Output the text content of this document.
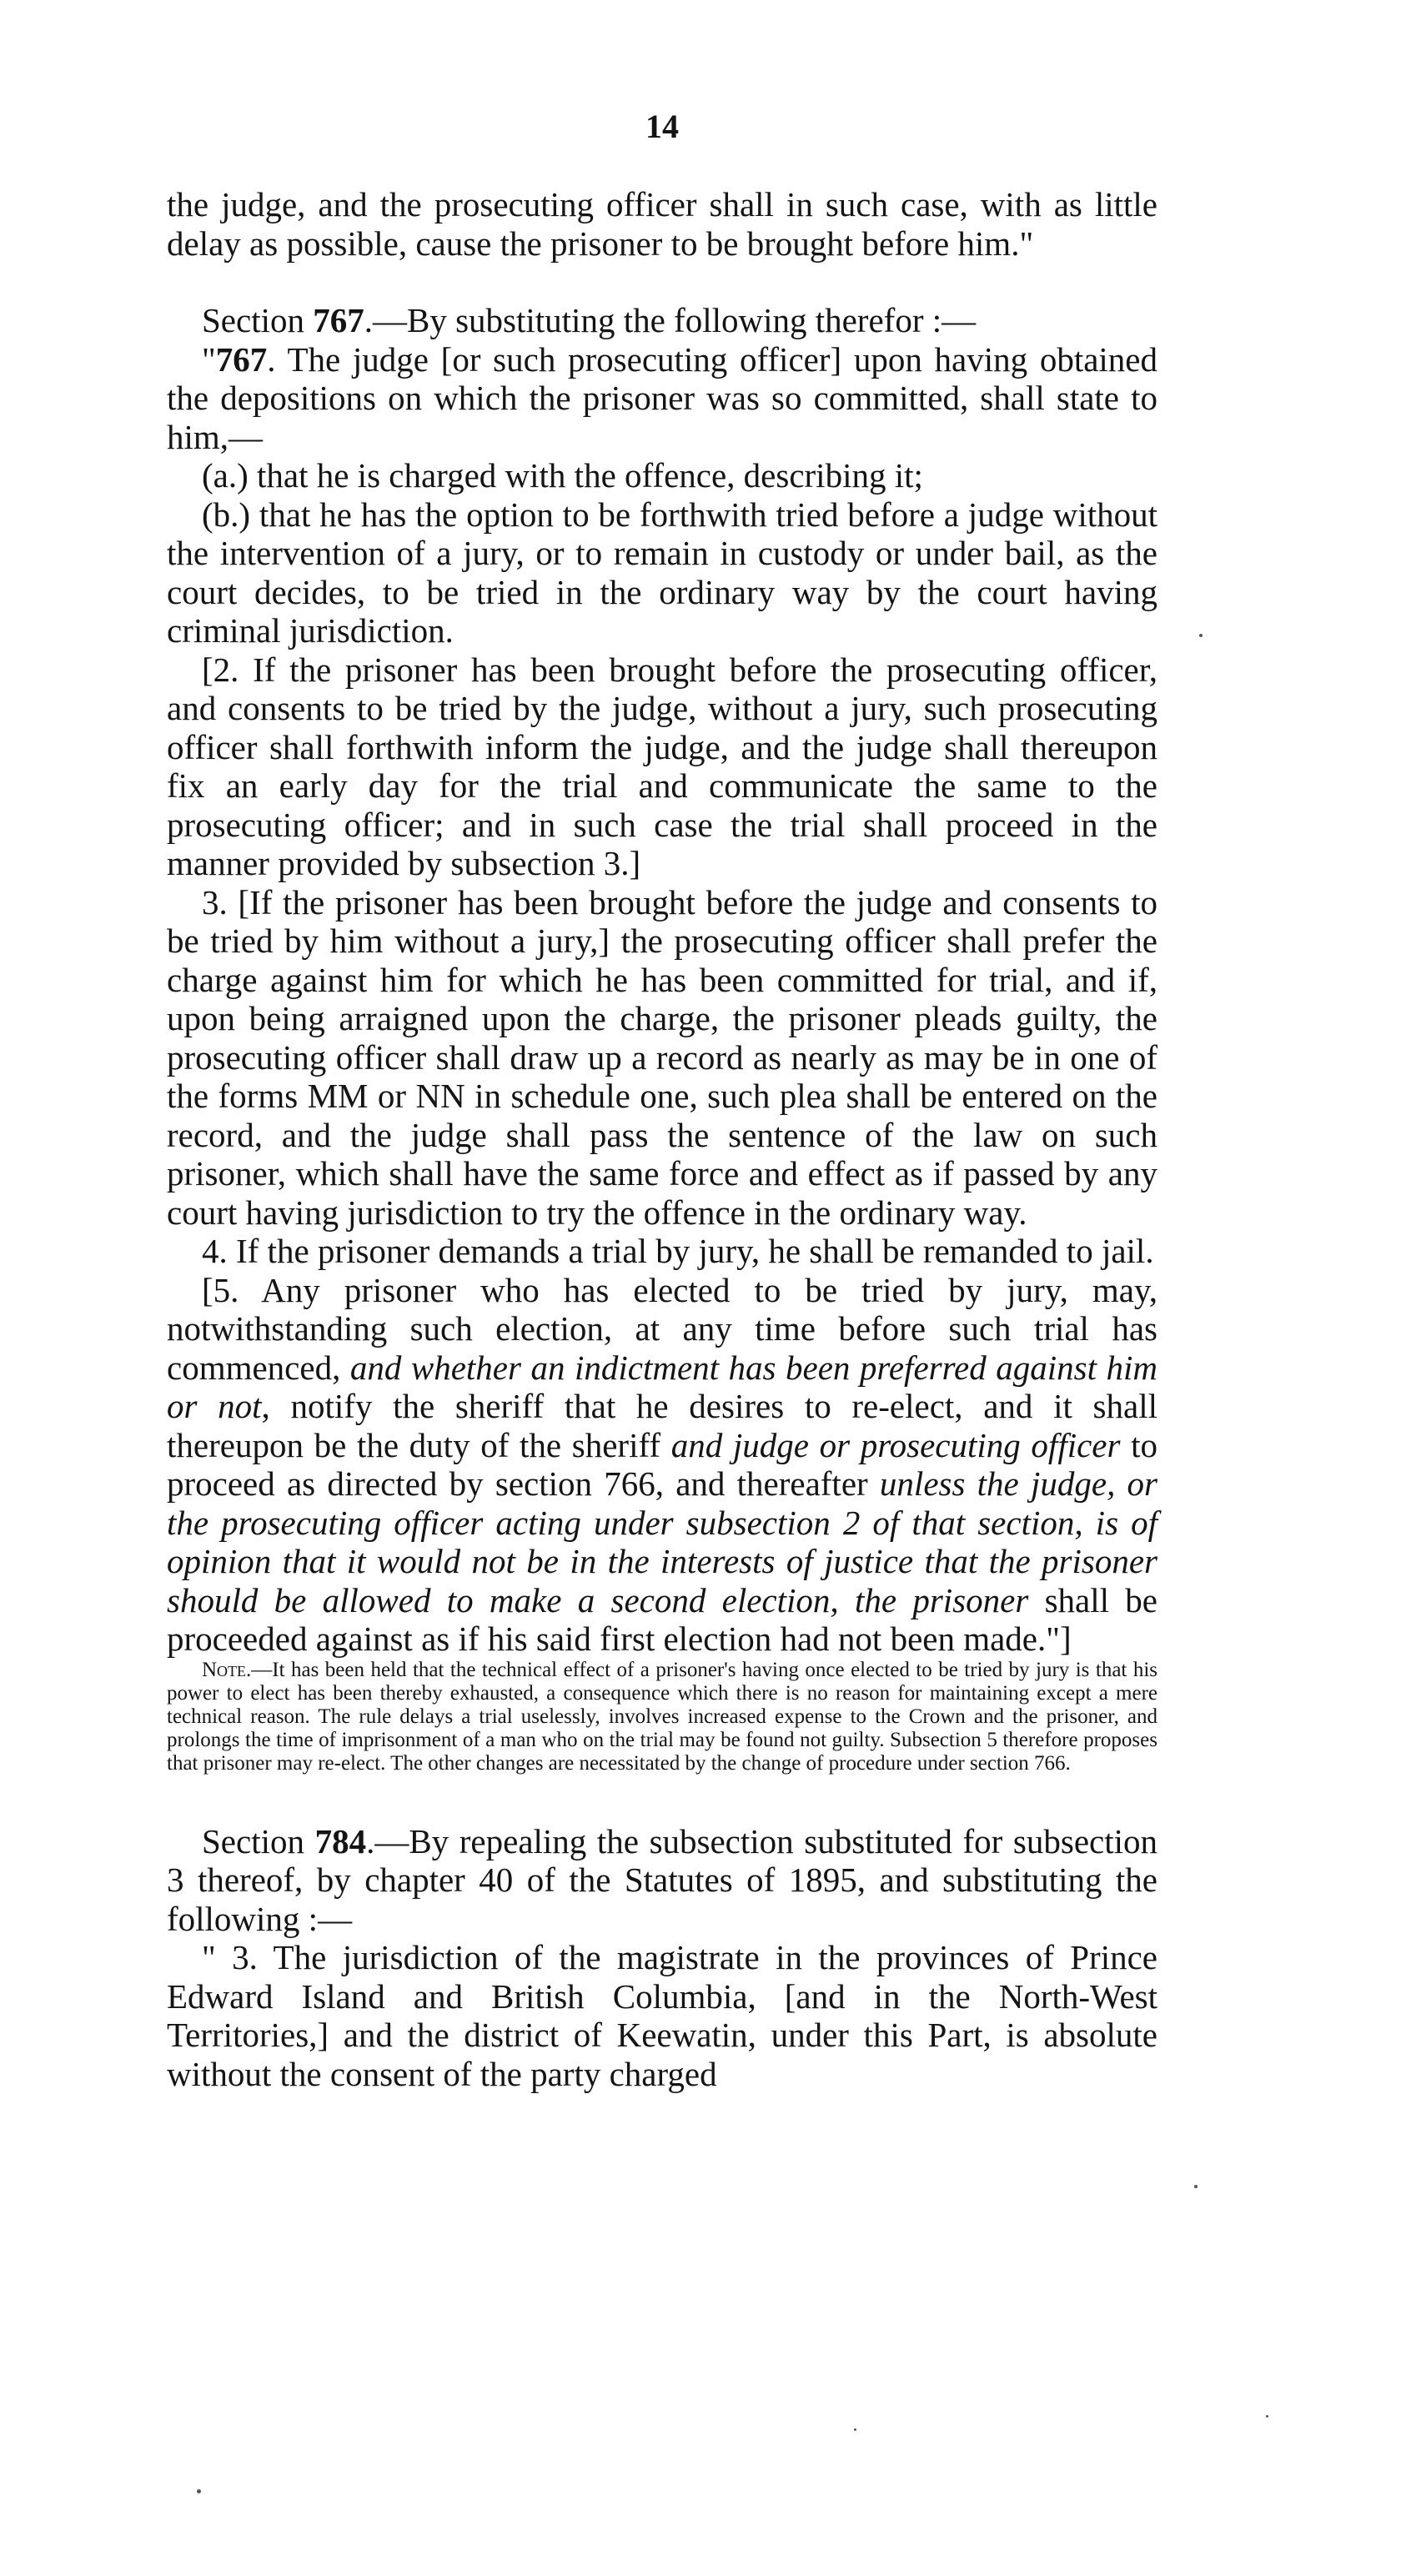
14

the judge, and the prosecuting officer shall in such case, with as little delay as possible, cause the prisoner to be brought before him."

Section 767.—By substituting the following therefor :—

"767. The judge [or such prosecuting officer] upon having obtained the depositions on which the prisoner was so committed, shall state to him,—

(a.) that he is charged with the offence, describing it;

(b.) that he has the option to be forthwith tried before a judge without the intervention of a jury, or to remain in custody or under bail, as the court decides, to be tried in the ordinary way by the court having criminal jurisdiction.

[2. If the prisoner has been brought before the prosecuting officer, and consents to be tried by the judge, without a jury, such prosecuting officer shall forthwith inform the judge, and the judge shall thereupon fix an early day for the trial and communicate the same to the prosecuting officer; and in such case the trial shall proceed in the manner provided by subsection 3.]

3. [If the prisoner has been brought before the judge and consents to be tried by him without a jury,] the prosecuting officer shall prefer the charge against him for which he has been committed for trial, and if, upon being arraigned upon the charge, the prisoner pleads guilty, the prosecuting officer shall draw up a record as nearly as may be in one of the forms MM or NN in schedule one, such plea shall be entered on the record, and the judge shall pass the sentence of the law on such prisoner, which shall have the same force and effect as if passed by any court having jurisdiction to try the offence in the ordinary way.

4. If the prisoner demands a trial by jury, he shall be remanded to jail.

[5. Any prisoner who has elected to be tried by jury, may, notwithstanding such election, at any time before such trial has commenced, and whether an indictment has been preferred against him or not, notify the sheriff that he desires to re-elect, and it shall thereupon be the duty of the sheriff and judge or prosecuting officer to proceed as directed by section 766, and thereafter unless the judge, or the prosecuting officer acting under subsection 2 of that section, is of opinion that it would not be in the interests of justice that the prisoner should be allowed to make a second election, the prisoner shall be proceeded against as if his said first election had not been made."]

Note.—It has been held that the technical effect of a prisoner's having once elected to be tried by jury is that his power to elect has been thereby exhausted, a consequence which there is no reason for maintaining except a mere technical reason. The rule delays a trial uselessly, involves increased expense to the Crown and the prisoner, and prolongs the time of imprisonment of a man who on the trial may be found not guilty. Subsection 5 therefore proposes that prisoner may re-elect. The other changes are necessitated by the change of procedure under section 766.

Section 784.—By repealing the subsection substituted for subsection 3 thereof, by chapter 40 of the Statutes of 1895, and substituting the following :—

" 3. The jurisdiction of the magistrate in the provinces of Prince Edward Island and British Columbia, [and in the North-West Territories,] and the district of Keewatin, under this Part, is absolute without the consent of the party charged
